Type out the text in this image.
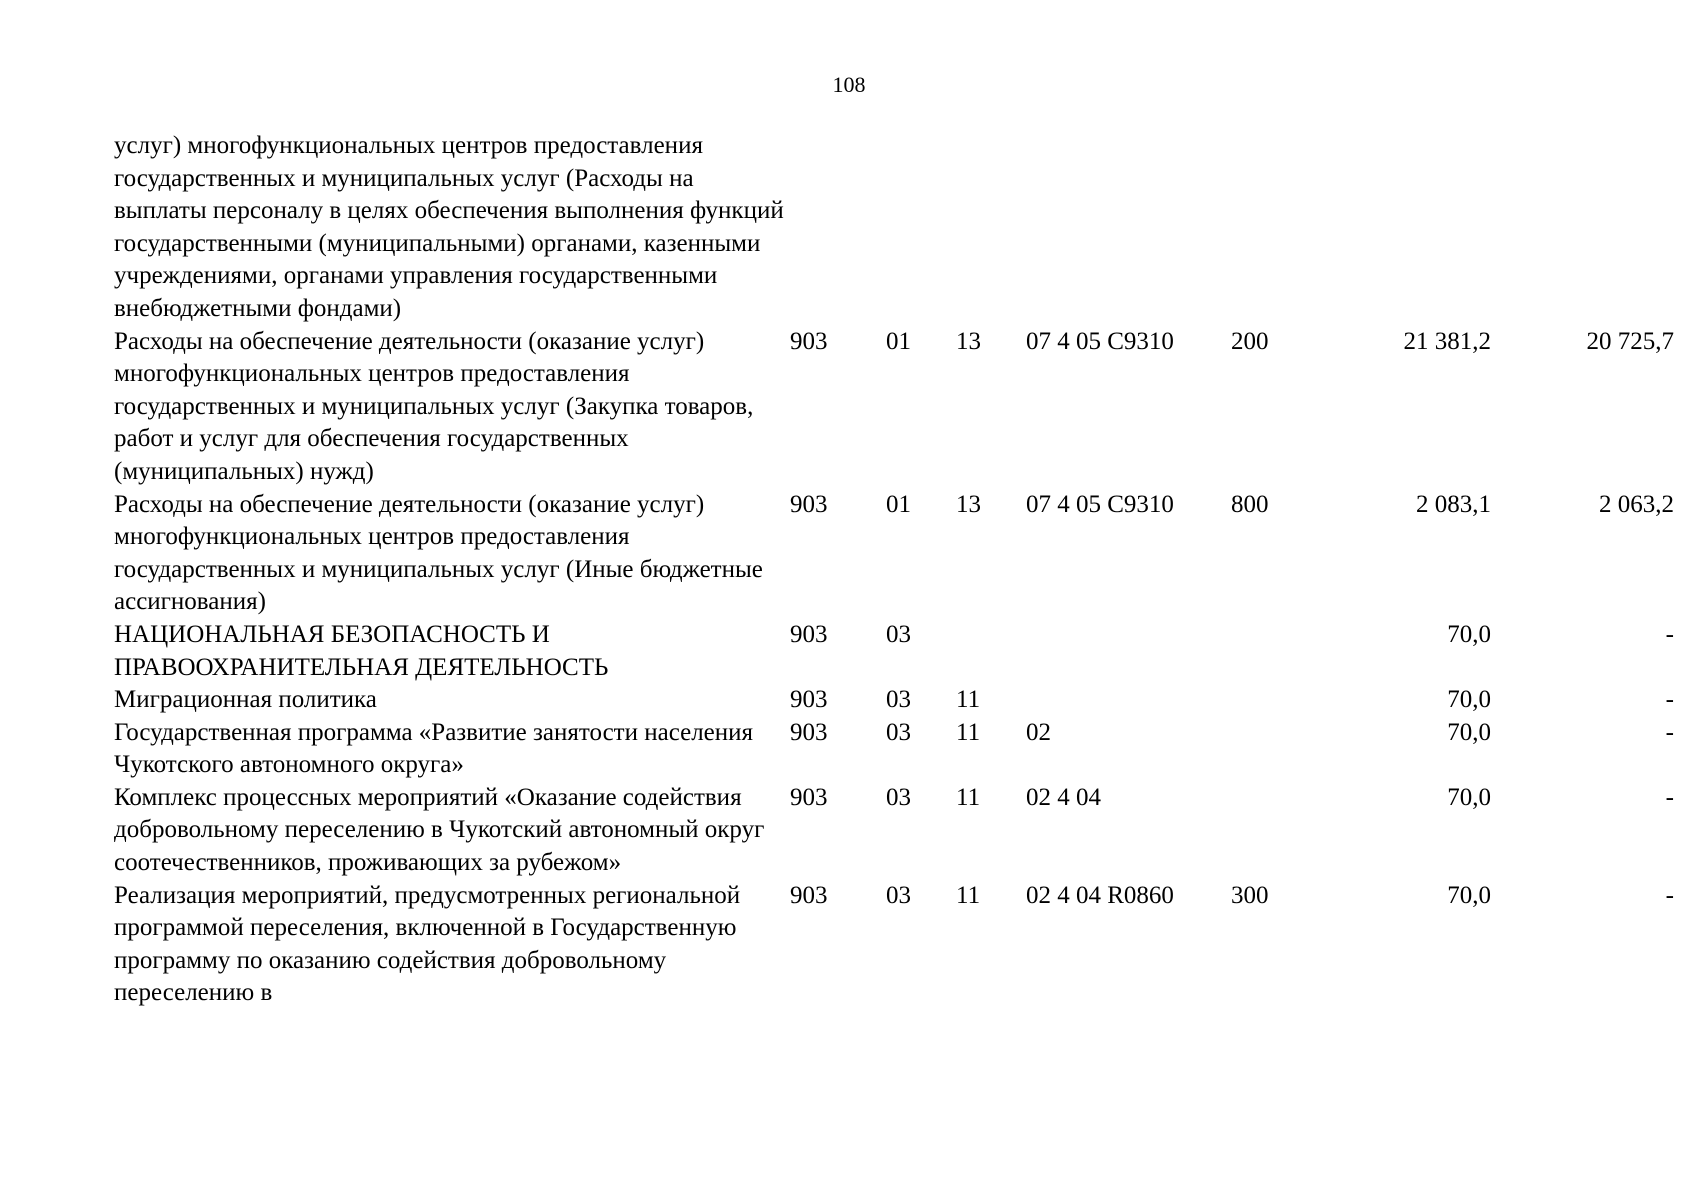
108
услуг) многофункциональных центров предоставления государственных и муниципальных услуг (Расходы на выплаты персоналу в целях обеспечения выполнения функций государственными (муниципальными) органами, казенными учреждениями, органами управления государственными внебюджетными фондами)							
Расходы на обеспечение деятельности (оказание услуг) многофункциональных центров предоставления государственных и муниципальных услуг (Закупка товаров, работ и услуг для обеспечения государственных (муниципальных) нужд)	903	01	13	07 4 05 С9310	200	21 381,2	20 725,7
Расходы на обеспечение деятельности (оказание услуг) многофункциональных центров предоставления государственных и муниципальных услуг (Иные бюджетные ассигнования)	903	01	13	07 4 05 С9310	800	2 083,1	2 063,2
НАЦИОНАЛЬНАЯ БЕЗОПАСНОСТЬ И ПРАВООХРАНИТЕЛЬНАЯ ДЕЯТЕЛЬНОСТЬ	903	03				70,0	-
Миграционная политика	903	03	11			70,0	-
Государственная программа «Развитие занятости населения Чукотского автономного округа»	903	03	11	02		70,0	-
Комплекс процессных мероприятий «Оказание содействия добровольному переселению в Чукотский автономный округ соотечественников, проживающих за рубежом»	903	03	11	02 4 04		70,0	-
Реализация мероприятий, предусмотренных региональной программой переселения, включенной в Государственную программу по оказанию содействия добровольному переселению в	903	03	11	02 4 04 R0860	300	70,0	-
